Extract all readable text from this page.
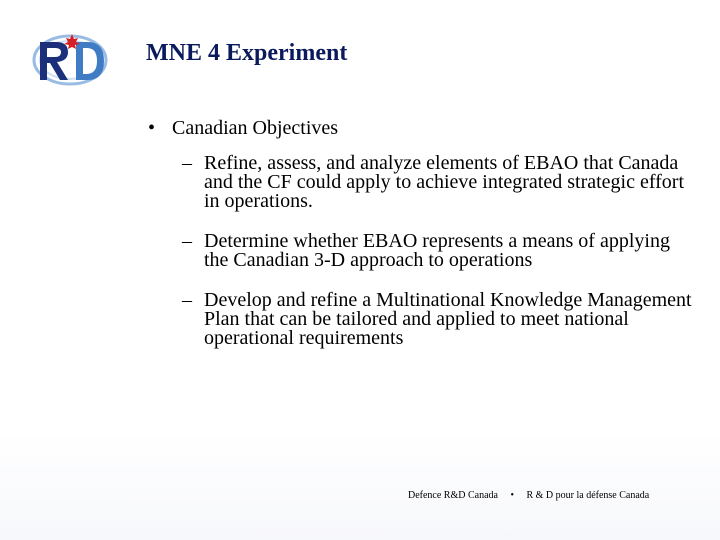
MNE 4 Experiment
• Canadian Objectives
– Refine, assess, and analyze elements of EBAO that Canada and the CF could apply to achieve integrated strategic effort in operations.
– Determine whether EBAO represents a means of applying the Canadian 3-D approach to operations
– Develop and refine a Multinational Knowledge Management Plan that can be tailored and applied to meet national operational requirements
Defence R&D Canada • R & D pour la défense Canada
